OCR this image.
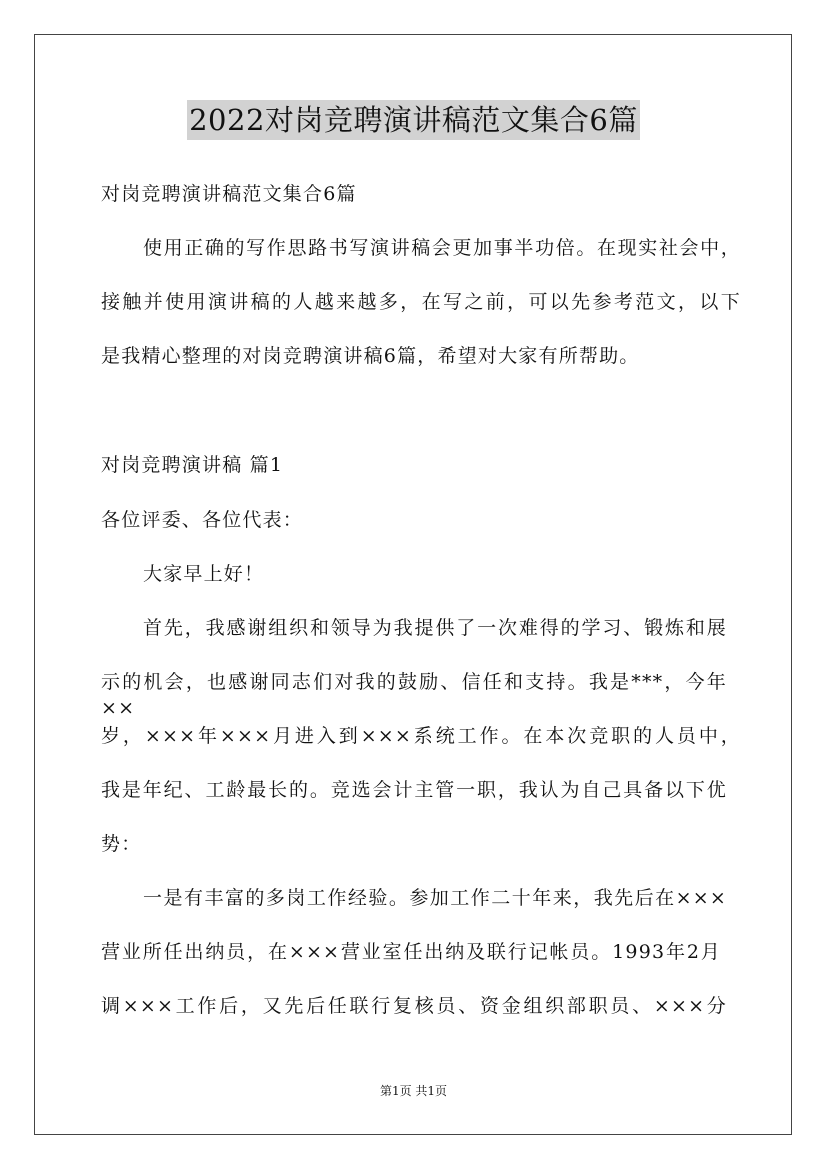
2022对岗竞聘演讲稿范文集合6篇
对岗竞聘演讲稿范文集合6篇
使用正确的写作思路书写演讲稿会更加事半功倍。在现实社会中，
接触并使用演讲稿的人越来越多，在写之前，可以先参考范文，以下
是我精心整理的对岗竞聘演讲稿6篇，希望对大家有所帮助。
对岗竞聘演讲稿 篇1
各位评委、各位代表：
大家早上好！
首先，我感谢组织和领导为我提供了一次难得的学习、锻炼和展
示的机会，也感谢同志们对我的鼓励、信任和支持。我是***，今年××
岁，×××年×××月进入到×××系统工作。在本次竞职的人员中，
我是年纪、工龄最长的。竞选会计主管一职，我认为自己具备以下优
势：
一是有丰富的多岗工作经验。参加工作二十年来，我先后在×××
营业所任出纳员，在×××营业室任出纳及联行记帐员。1993年2月
调×××工作后，又先后任联行复核员、资金组织部职员、×××分
第1页 共1页
